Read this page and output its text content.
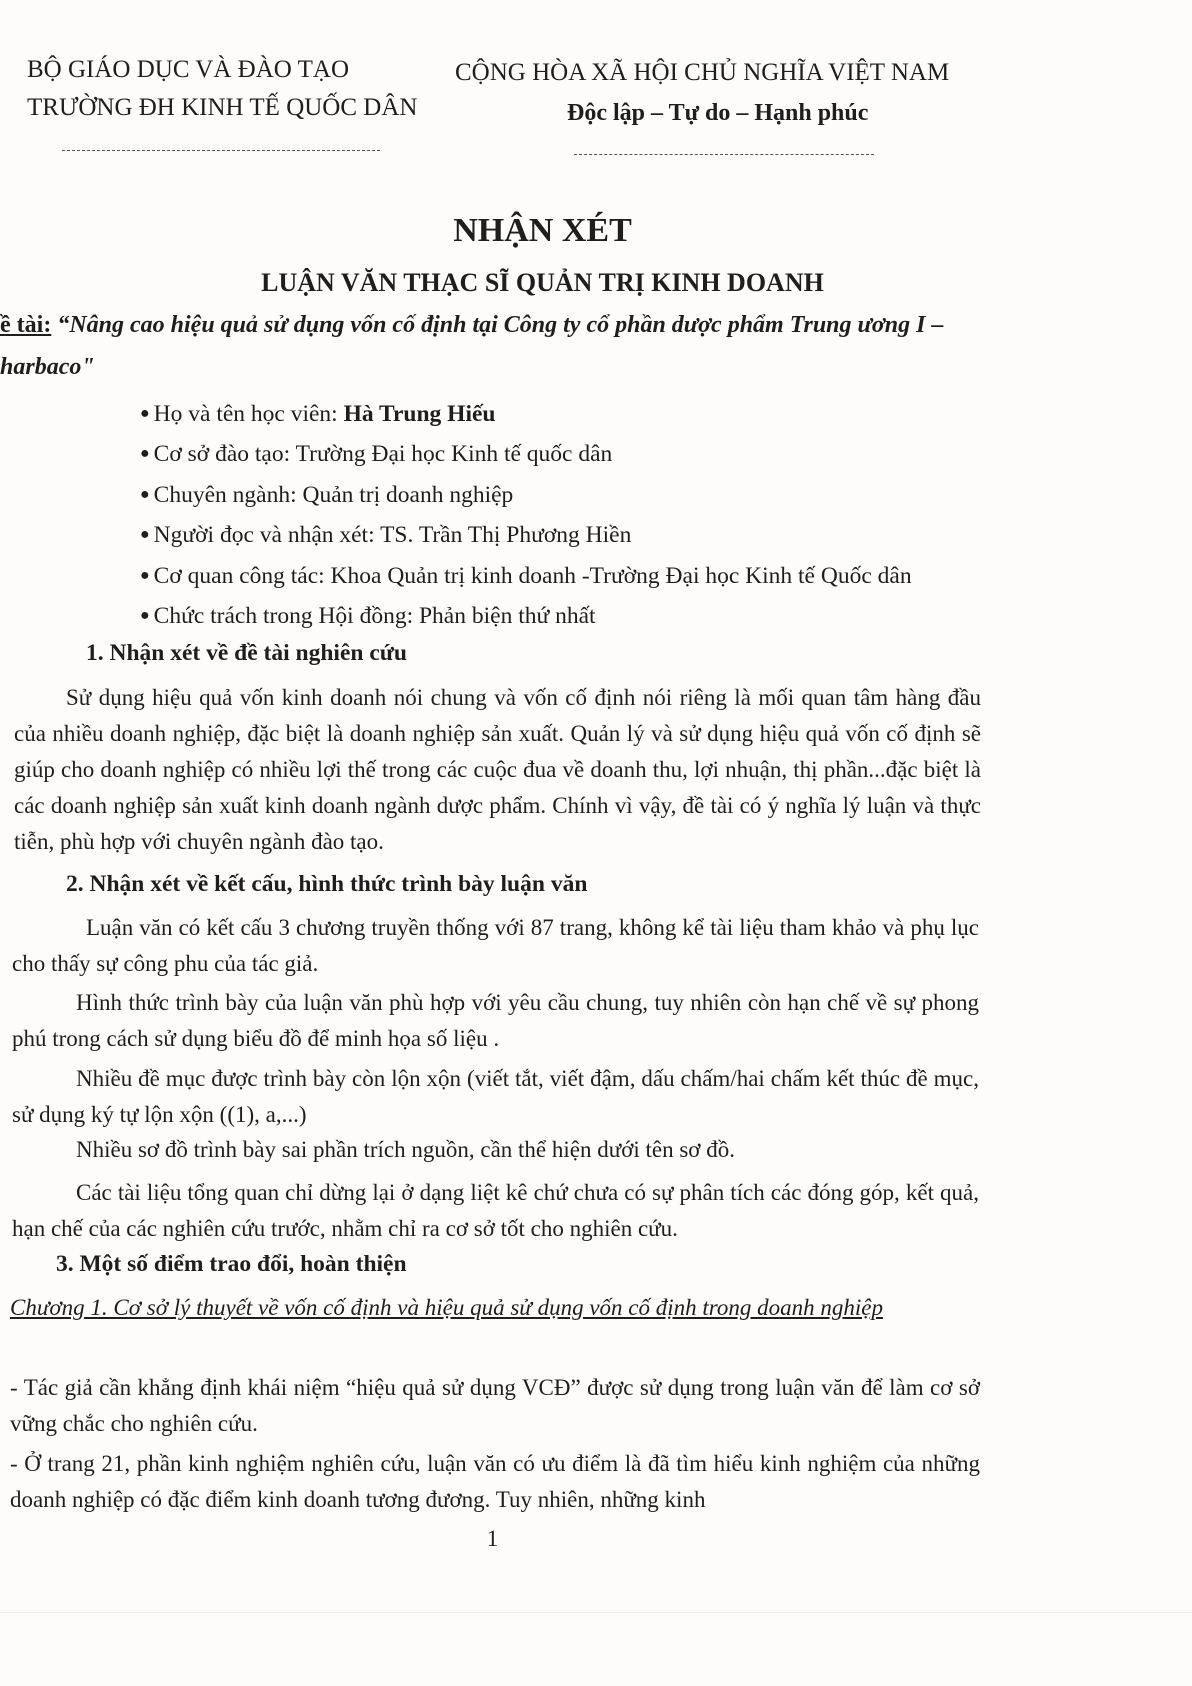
BỘ GIÁO DỤC VÀ ĐÀO TẠO
TRƯỜNG ĐH KINH TẾ QUỐC DÂN
CỘNG HÒA XÃ HỘI CHỦ NGHĨA VIỆT NAM
Độc lập – Tự do – Hạnh phúc
NHẬN XÉT
LUẬN VĂN THẠC SĨ QUẢN TRỊ KINH DOANH
ề tài: “Nâng cao hiệu quả sử dụng vốn cố định tại Công ty cổ phần dược phẩm Trung ương I –
harbaco"
● Họ và tên học viên: Hà Trung Hiếu
● Cơ sở đào tạo: Trường Đại học Kinh tế quốc dân
● Chuyên ngành: Quản trị doanh nghiệp
● Người đọc và nhận xét: TS. Trần Thị Phương Hiền
● Cơ quan công tác: Khoa Quản trị kinh doanh -Trường Đại học Kinh tế Quốc dân
● Chức trách trong Hội đồng: Phản biện thứ nhất
1. Nhận xét về đề tài nghiên cứu
Sử dụng hiệu quả vốn kinh doanh nói chung và vốn cố định nói riêng là mối quan tâm hàng đầu của nhiều doanh nghiệp, đặc biệt là doanh nghiệp sản xuất. Quản lý và sử dụng hiệu quả vốn cố định sẽ giúp cho doanh nghiệp có nhiều lợi thế trong các cuộc đua về doanh thu, lợi nhuận, thị phần...đặc biệt là các doanh nghiệp sản xuất kinh doanh ngành dược phẩm. Chính vì vậy, đề tài có ý nghĩa lý luận và thực tiễn, phù hợp với chuyên ngành đào tạo.
2. Nhận xét về kết cấu, hình thức trình bày luận văn
Luận văn có kết cấu 3 chương truyền thống với 87 trang, không kể tài liệu tham khảo và phụ lục cho thấy sự công phu của tác giả.
Hình thức trình bày của luận văn phù hợp với yêu cầu chung, tuy nhiên còn hạn chế về sự phong phú trong cách sử dụng biểu đồ để minh họa số liệu .
Nhiều đề mục được trình bày còn lộn xộn (viết tắt, viết đậm, dấu chấm/hai chấm kết thúc đề mục, sử dụng ký tự lộn xộn ((1), a,...)
Nhiều sơ đồ trình bày sai phần trích nguồn, cần thể hiện dưới tên sơ đồ.
Các tài liệu tổng quan chỉ dừng lại ở dạng liệt kê chứ chưa có sự phân tích các đóng góp, kết quả, hạn chế của các nghiên cứu trước, nhằm chỉ ra cơ sở tốt cho nghiên cứu.
3. Một số điểm trao đổi, hoàn thiện
Chương 1. Cơ sở lý thuyết về vốn cố định và hiệu quả sử dụng vốn cố định trong doanh nghiệp
- Tác giả cần khẳng định khái niệm “hiệu quả sử dụng VCĐ” được sử dụng trong luận văn để làm cơ sở vững chắc cho nghiên cứu.
- Ở trang 21, phần kinh nghiệm nghiên cứu, luận văn có ưu điểm là đã tìm hiểu kinh nghiệm của những doanh nghiệp có đặc điểm kinh doanh tương đương. Tuy nhiên, những kinh
1
